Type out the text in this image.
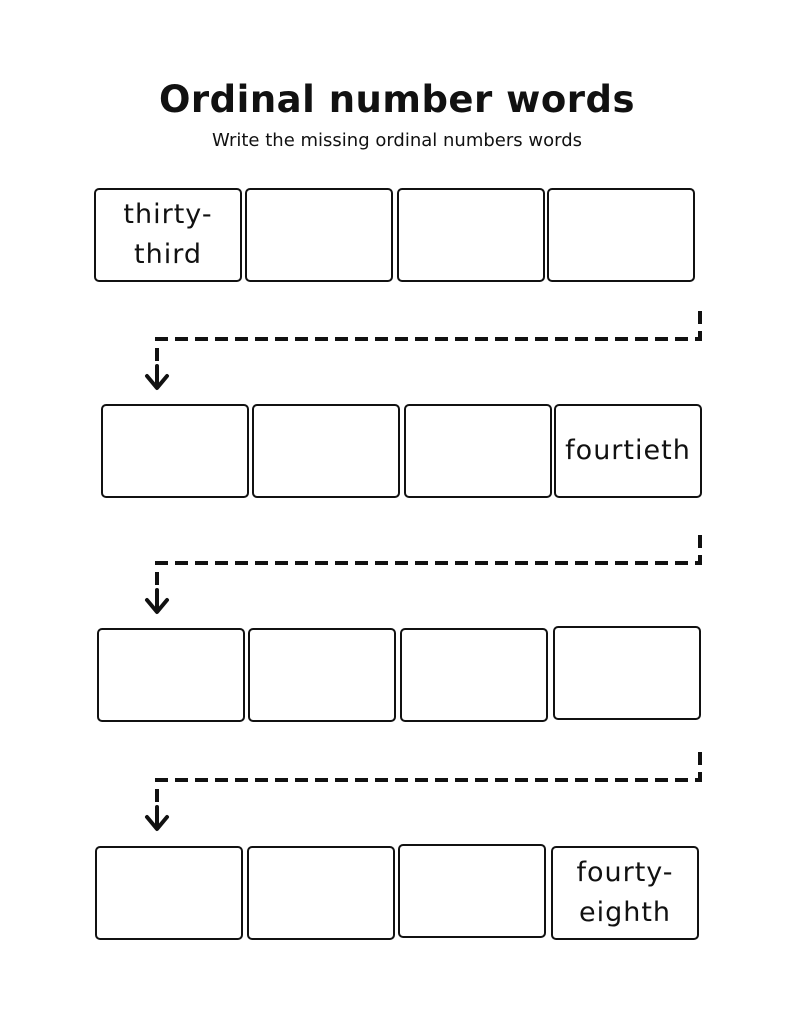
Ordinal number words
Write the missing ordinal numbers words
thirty-
third
fourtieth
fourty-
eighth
